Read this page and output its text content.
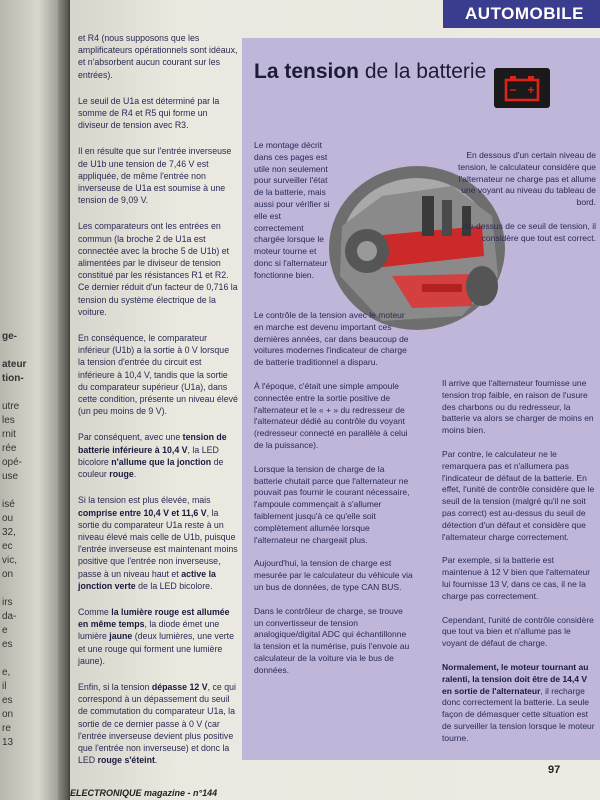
ge-

ateur
tion-

utre
les
rnit
rée
opé-
use

isé
ou
32,
ec
vic,
on

irs
da-
e
es

e,
il
es
on
re
13
AUTOMOBILE

et R4 (nous supposons que les amplificateurs opérationnels sont idéaux, et n'absorbent aucun courant sur les entrées).

Le seuil de U1a est déterminé par la somme de R4 et R5 qui forme un diviseur de tension avec R3.

Il en résulte que sur l'entrée inverseuse de U1b une tension de 7,46 V est appliquée, de même l'entrée non inverseuse de U1a est soumise à une tension de 9,09 V.

Les comparateurs ont les entrées en commun (la broche 2 de U1a est connectée avec la broche 5 de U1b) et alimentées par le diviseur de tension constitué par les résistances R1 et R2. Ce dernier réduit d'un facteur de 0,716 la tension du système électrique de la voiture.

En conséquence, le comparateur inférieur (U1b) a la sortie à 0 V lorsque la tension d'entrée du circuit est inférieure à 10,4 V, tandis que la sortie du comparateur supérieur (U1a), dans cette condition, présente un niveau élevé (un peu moins de 9 V).

Par conséquent, avec une tension de batterie inférieure à 10,4 V, la LED bicolore n'allume que la jonction de couleur rouge.

Si la tension est plus élevée, mais comprise entre 10,4 V et 11,6 V, la sortie du comparateur U1a reste à un niveau élevé mais celle de U1b, puisque l'entrée inverseuse est maintenant moins positive que l'entrée non inverseuse, passe à un niveau haut et active la jonction verte de la LED bicolore.

Comme la lumière rouge est allumée en même temps, la diode émet une lumière jaune (deux lumières, une verte et une rouge qui forment une lumière jaune).

Enfin, si la tension dépasse 12 V, ce qui correspond à un dépassement du seuil de commutation du comparateur U1a, la sortie de ce dernier passe à 0 V (car l'entrée inverseuse devient plus positive que l'entrée non inverseuse) et donc la LED rouge s'éteint.

La tension de la batterie
− +

Le montage décrit dans ces pages est utile non seulement pour surveiller l'état de la batterie, mais aussi pour vérifier si elle est correctement chargée lorsque le moteur tourne et donc si l'alternateur fonctionne bien.

En dessous d'un certain niveau de tension, le calculateur considère que l'alternateur ne charge pas et allume une voyant au niveau du tableau de bord.

Au-dessus de ce seuil de tension, il considère que tout est correct.

Le contrôle de la tension avec le moteur en marche est devenu important ces dernières années, car dans beaucoup de voitures modernes l'indicateur de charge de batterie traditionnel a disparu.

À l'époque, c'était une simple ampoule connectée entre la sortie positive de l'alternateur et le « + » du redresseur de l'alternateur dédié au contrôle du voyant (redresseur connecté en parallèle à celui de la puissance).

Lorsque la tension de charge de la batterie chutait parce que l'alternateur ne pouvait pas fournir le courant nécessaire, l'ampoule commençait à s'allumer faiblement jusqu'à ce qu'elle soit complètement allumée lorsque l'alternateur ne chargeait plus.

Aujourd'hui, la tension de charge est mesurée par le calculateur du véhicule via un bus de données, de type CAN BUS.

Dans le contrôleur de charge, se trouve un convertisseur de tension analogique/digital ADC qui échantillonne la tension et la numérise, puis l'envoie au calculateur de la voiture via le bus de données.

Il arrive que l'alternateur fournisse une tension trop faible, en raison de l'usure des charbons ou du redresseur, la batterie va alors se charger de moins en moins bien.

Par contre, le calculateur ne le remarquera pas et n'allumera pas l'indicateur de défaut de la batterie. En effet, l'unité de contrôle considère que le seuil de la tension (malgré qu'il ne soit pas correct) est au-dessus du seuil de détection d'un défaut et considère que l'alternateur charge correctement.

Par exemple, si la batterie est maintenue à 12 V bien que l'alternateur lui fournisse 13 V, dans ce cas, il ne la charge pas correctement.

Cependant, l'unité de contrôle considère que tout va bien et n'allume pas le voyant de défaut de charge.

Normalement, le moteur tournant au ralenti, la tension doit être de 14,4 V en sortie de l'alternateur, il recharge donc correctement la batterie. La seule façon de démasquer cette situation est de surveiller la tension lorsque le moteur tourne.

97
ELECTRONIQUE magazine - n°144
